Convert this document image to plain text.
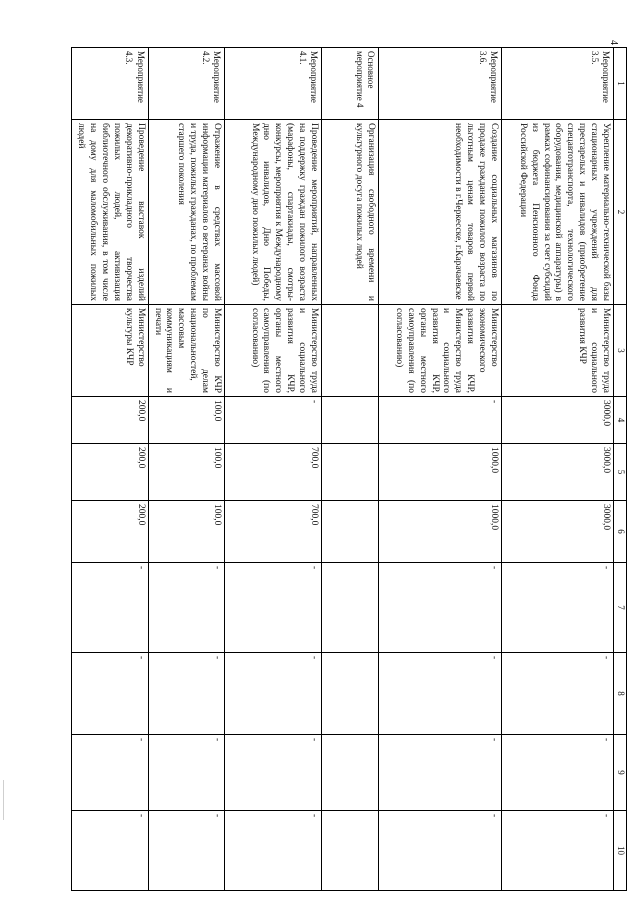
4
1	2	3	4	5	6	7	8	9	10
Мероприятие 3.5.	Укрепление материально-технической базы стационарных учреждений для престарелых и инвалидов (приобретение спецавтотранспорта, технологического оборудования, медицинской аппаратуры) в рамках софинансирования за счет субсидий из бюджета Пенсионного Фонда Российской Федерации	Министерство труда и социального развития КЧР	3000,0	3000,0	3000,0	-	-	-	-
Мероприятие 3.6.	Создание социальных магазинов по продаже гражданам пожилого возраста по льготным ценам товаров первой необходимости в г.Черкесске, г.Карачаевске	Министерство экономического развития КЧР, Министерство труда и социального развития КЧР, органы местного самоуправления (по согласованию)	-	1000,0	1000,0	-	-	-	-
Основное мероприятие 4	Организация свободного времени и культурного досуга пожилых людей								
Мероприятие 4.1.	Проведение мероприятий, направленных на поддержку граждан пожилого возраста (марафоны, спартакиады, смотры-конкурсы, мероприятия к Международному дню инвалидов, Дню Победы, Международному дню пожилых людей)	Министерство труда и социального развития КЧР, органы местного самоуправления (по согласованию)	-	700,0	700,0	-	-	-	-
Мероприятие 4.2.	Отражение в средствах массовой информации материалов о ветеранах войны и труда, пожилых гражданах, по проблемам старшего поколения	Министерство КЧР по делам национальностей, массовым коммуникациям и печати	100,0	100,0	100,0	-	-	-	-
Мероприятие 4.3.	Проведение выставок изделий декоративно-прикладного творчества пожилых людей, активизация библиотечного обслуживания, в том числе на дому для маломобильных пожилых людей	Министерство культуры КЧР	200,0	200,0	200,0	-	-	-	-
